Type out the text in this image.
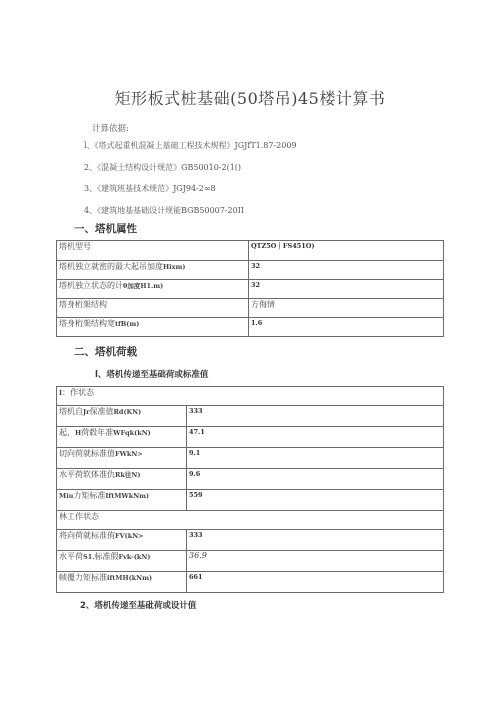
矩形板式桩基础(50塔吊)45楼计算书
计算依据:
l、《塔式起重机混凝上基础工程技术规程》JGJfT1.87-2009
2、《混凝土结构设计规范》GB50010-2(1()
3、《建筑班基技术规范》JGJ94-2∞8
4、《建筑地基基础设计规能BGB50007-20II
一、塔机属性
塔机型号	QTZ5O｜FS451O)
塔机独立就密的最大起吊加度Hixm)	32
塔机独立状态的计θ加度H1.m)	32
塔身桁架结构	方侮情
塔身桁架结构宽tfB(m)	1.6
二、塔机荷载
l、塔机传递至基础荷或标准值
I：作状态	
塔机自Jr保准值Rd(KN)	333
起，H荷毂年准WFqk(kN)	47.1
切向荷就标准值FWkN>	9.1
水平荷软体准仇Rk往N)	9.6
Miu力矩标准IftMWkNm)	559
林工作状态	
将向荷就标准侑FV(kN>	333
水平荷S1.标准假Fvk-(kN)	36.9
帧覆力矩标准iftMH(kNm)	661
2、塔机传递至基砒荷或设计值
